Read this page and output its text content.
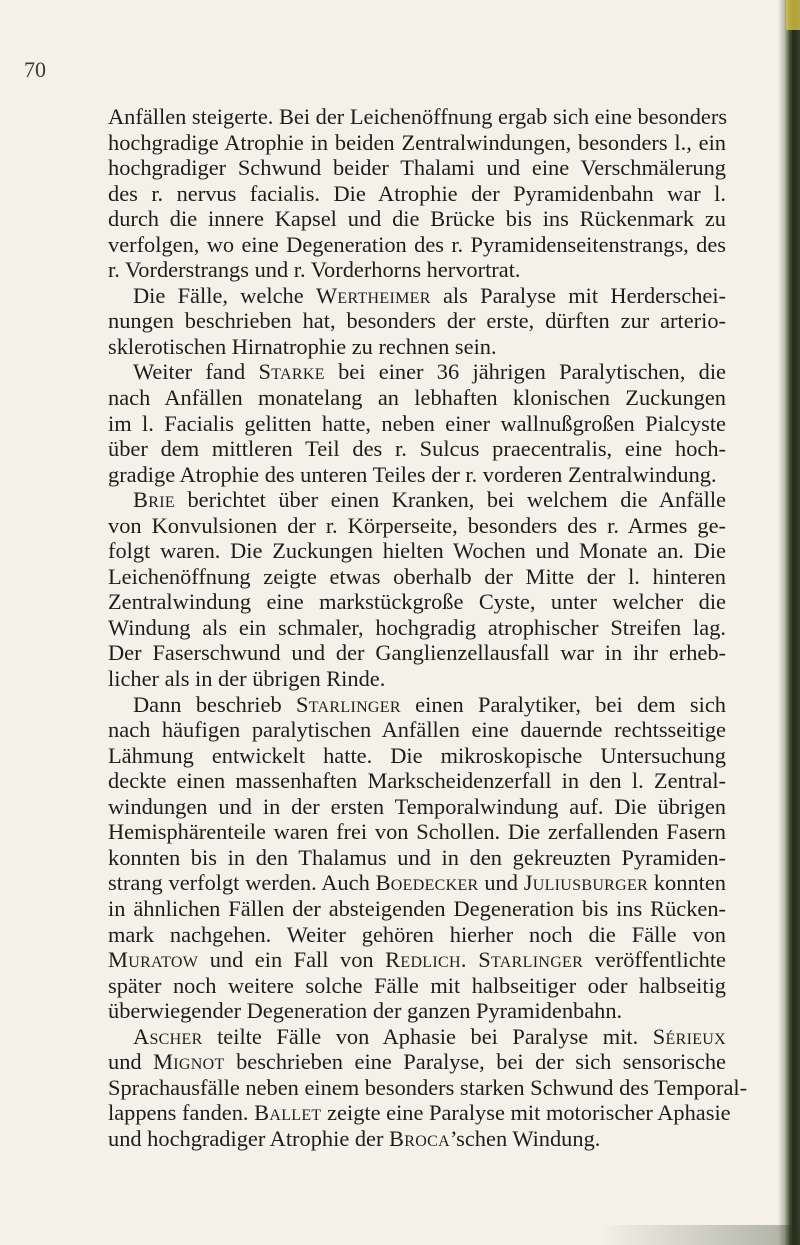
70
Anfällen steigerte. Bei der Leichenöffnung ergab sich eine besonders
hochgradige Atrophie in beiden Zentralwindungen, besonders l., ein
hochgradiger Schwund beider Thalami und eine Verschmälerung
des r. nervus facialis. Die Atrophie der Pyramidenbahn war l.
durch die innere Kapsel und die Brücke bis ins Rückenmark zu
verfolgen, wo eine Degeneration des r. Pyramidenseitenstrangs, des
r. Vorderstrangs und r. Vorderhorns hervortrat.
Die Fälle, welche Wertheimer als Paralyse mit Herderschei-
nungen beschrieben hat, besonders der erste, dürften zur arterio-
sklerotischen Hirnatrophie zu rechnen sein.
Weiter fand Starke bei einer 36 jährigen Paralytischen, die
nach Anfällen monatelang an lebhaften klonischen Zuckungen
im l. Facialis gelitten hatte, neben einer wallnußgroßen Pialcyste
über dem mittleren Teil des r. Sulcus praecentralis, eine hoch-
gradige Atrophie des unteren Teiles der r. vorderen Zentralwindung.
Brie berichtet über einen Kranken, bei welchem die Anfälle
von Konvulsionen der r. Körperseite, besonders des r. Armes ge-
folgt waren. Die Zuckungen hielten Wochen und Monate an. Die
Leichenöffnung zeigte etwas oberhalb der Mitte der l. hinteren
Zentralwindung eine markstückgroße Cyste, unter welcher die
Windung als ein schmaler, hochgradig atrophischer Streifen lag.
Der Faserschwund und der Ganglienzellausfall war in ihr erheb-
licher als in der übrigen Rinde.
Dann beschrieb Starlinger einen Paralytiker, bei dem sich
nach häufigen paralytischen Anfällen eine dauernde rechtsseitige
Lähmung entwickelt hatte. Die mikroskopische Untersuchung
deckte einen massenhaften Markscheidenzerfall in den l. Zentral-
windungen und in der ersten Temporalwindung auf. Die übrigen
Hemisphärenteile waren frei von Schollen. Die zerfallenden Fasern
konnten bis in den Thalamus und in den gekreuzten Pyramiden-
strang verfolgt werden. Auch Boedecker und Juliusburger konnten
in ähnlichen Fällen der absteigenden Degeneration bis ins Rücken-
mark nachgehen. Weiter gehören hierher noch die Fälle von
Muratow und ein Fall von Redlich. Starlinger veröffentlichte
später noch weitere solche Fälle mit halbseitiger oder halbseitig
überwiegender Degeneration der ganzen Pyramidenbahn.
Ascher teilte Fälle von Aphasie bei Paralyse mit. Sérieux
und Mignot beschrieben eine Paralyse, bei der sich sensorische
Sprachausfälle neben einem besonders starken Schwund des Temporal-
lappens fanden. Ballet zeigte eine Paralyse mit motorischer Aphasie
und hochgradiger Atrophie der Broca’schen Windung.
